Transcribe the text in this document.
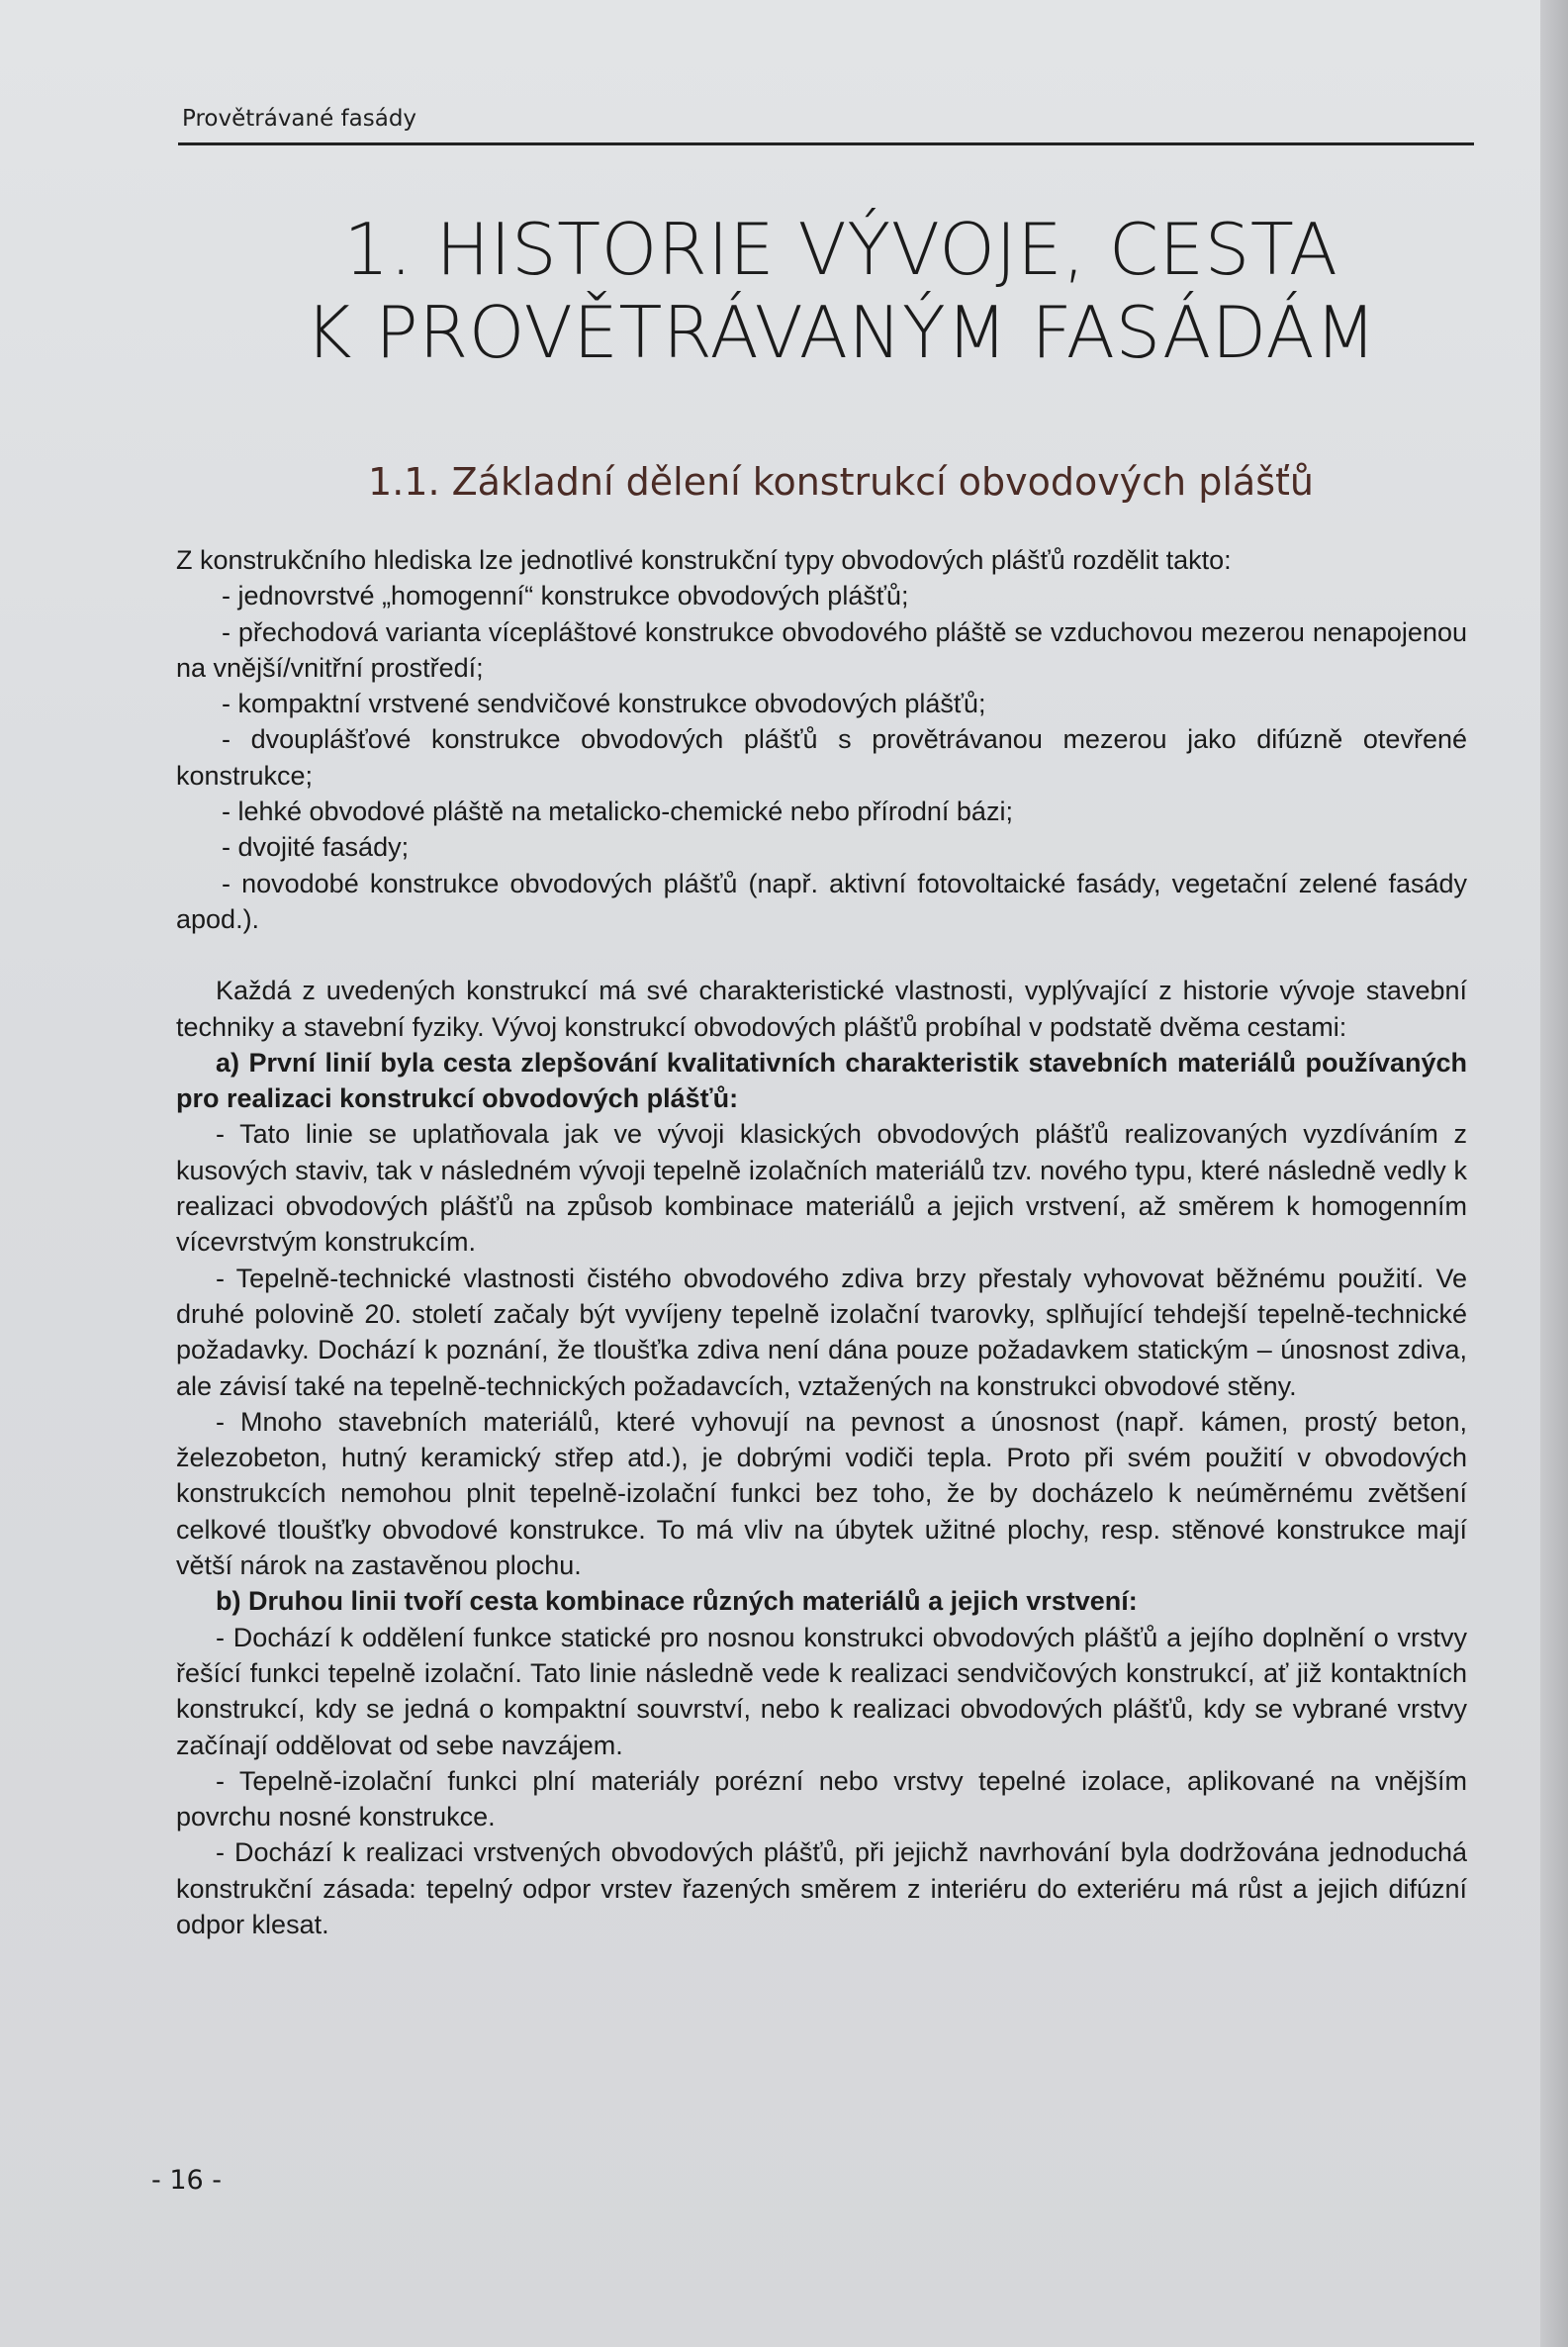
Provětrávané fasády
1. HISTORIE VÝVOJE, CESTA
K PROVĚTRÁVANÝM FASÁDÁM
1.1. Základní dělení konstrukcí obvodových plášťů

Z konstrukčního hlediska lze jednotlivé konstrukční typy obvodových plášťů rozdělit takto:

- jednovrstvé „homogenní“ konstrukce obvodových plášťů;

- přechodová varianta vícepláštové konstrukce obvodového pláště se vzduchovou mezerou nenapojenou na vnější/vnitřní prostředí;

- kompaktní vrstvené sendvičové konstrukce obvodových plášťů;

- dvouplášťové konstrukce obvodových plášťů s provětrávanou mezerou jako difúzně otevřené konstrukce;

- lehké obvodové pláště na metalicko-chemické nebo přírodní bázi;

- dvojité fasády;

- novodobé konstrukce obvodových plášťů (např. aktivní fotovoltaické fasády, vegetační zelené fasády apod.).

Každá z uvedených konstrukcí má své charakteristické vlastnosti, vyplývající z historie vývoje stavební techniky a stavební fyziky. Vývoj konstrukcí obvodových plášťů probíhal v podstatě dvěma cestami:

a) První linií byla cesta zlepšování kvalitativních charakteristik stavebních materiálů používaných pro realizaci konstrukcí obvodových plášťů:

- Tato linie se uplatňovala jak ve vývoji klasických obvodových plášťů realizovaných vyzdíváním z kusových staviv, tak v následném vývoji tepelně izolačních materiálů tzv. nového typu, které následně vedly k realizaci obvodových plášťů na způsob kombinace materiálů a jejich vrstvení, až směrem k homogenním vícevrstvým konstrukcím.

- Tepelně-technické vlastnosti čistého obvodového zdiva brzy přestaly vyhovovat běžnému použití. Ve druhé polovině 20. století začaly být vyvíjeny tepelně izolační tvarovky, splňující tehdejší tepelně-technické požadavky. Dochází k poznání, že tloušťka zdiva není dána pouze požadavkem statickým – únosnost zdiva, ale závisí také na tepelně-technických požadavcích, vztažených na konstrukci obvodové stěny.

- Mnoho stavebních materiálů, které vyhovují na pevnost a únosnost (např. kámen, prostý beton, železobeton, hutný keramický střep atd.), je dobrými vodiči tepla. Proto při svém použití v obvodových konstrukcích nemohou plnit tepelně-izolační funkci bez toho, že by docházelo k neúměrnému zvětšení celkové tloušťky obvodové konstrukce. To má vliv na úbytek užitné plochy, resp. stěnové konstrukce mají větší nárok na zastavěnou plochu.

b) Druhou linii tvoří cesta kombinace různých materiálů a jejich vrstvení:

- Dochází k oddělení funkce statické pro nosnou konstrukci obvodových plášťů a jejího doplnění o vrstvy řešící funkci tepelně izolační. Tato linie následně vede k realizaci sendvičových konstrukcí, ať již kontaktních konstrukcí, kdy se jedná o kompaktní souvrství, nebo k realizaci obvodových plášťů, kdy se vybrané vrstvy začínají oddělovat od sebe navzájem.

- Tepelně-izolační funkci plní materiály porézní nebo vrstvy tepelné izolace, aplikované na vnějším povrchu nosné konstrukce.

- Dochází k realizaci vrstvených obvodových plášťů, při jejichž navrhování byla dodržována jednoduchá konstrukční zásada: tepelný odpor vrstev řazených směrem z interiéru do exteriéru má růst a jejich difúzní odpor klesat.

- 16 -
